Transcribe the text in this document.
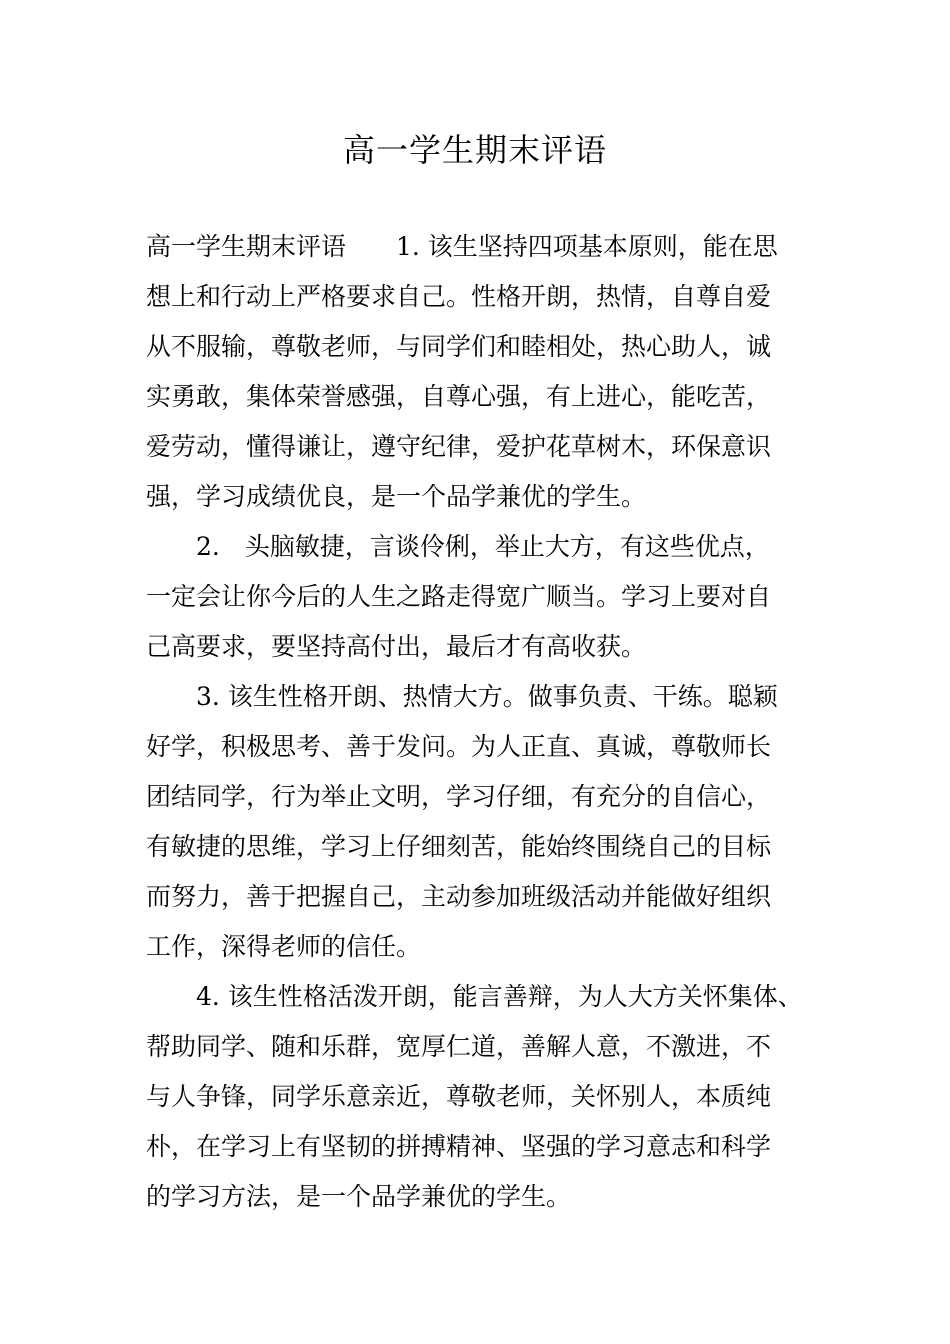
高一学生期末评语

高一学生期末评语　　1. 该生坚持四项基本原则，能在思

想上和行动上严格要求自己。性格开朗，热情，自尊自爱

从不服输，尊敬老师，与同学们和睦相处，热心助人，诚

实勇敢，集体荣誉感强，自尊心强，有上进心，能吃苦，

爱劳动，懂得谦让，遵守纪律，爱护花草树木，环保意识

强，学习成绩优良，是一个品学兼优的学生。

2.　头脑敏捷，言谈伶俐，举止大方，有这些优点，

一定会让你今后的人生之路走得宽广顺当。学习上要对自

己高要求，要坚持高付出，最后才有高收获。

3. 该生性格开朗、热情大方。做事负责、干练。聪颖

好学，积极思考、善于发问。为人正直、真诚，尊敬师长

团结同学，行为举止文明，学习仔细，有充分的自信心，

有敏捷的思维，学习上仔细刻苦，能始终围绕自己的目标

而努力，善于把握自己，主动参加班级活动并能做好组织

工作，深得老师的信任。

4. 该生性格活泼开朗，能言善辩，为人大方关怀集体、

帮助同学、随和乐群，宽厚仁道，善解人意，不激进，不

与人争锋，同学乐意亲近，尊敬老师，关怀别人，本质纯

朴，在学习上有坚韧的拼搏精神、坚强的学习意志和科学

的学习方法，是一个品学兼优的学生。
